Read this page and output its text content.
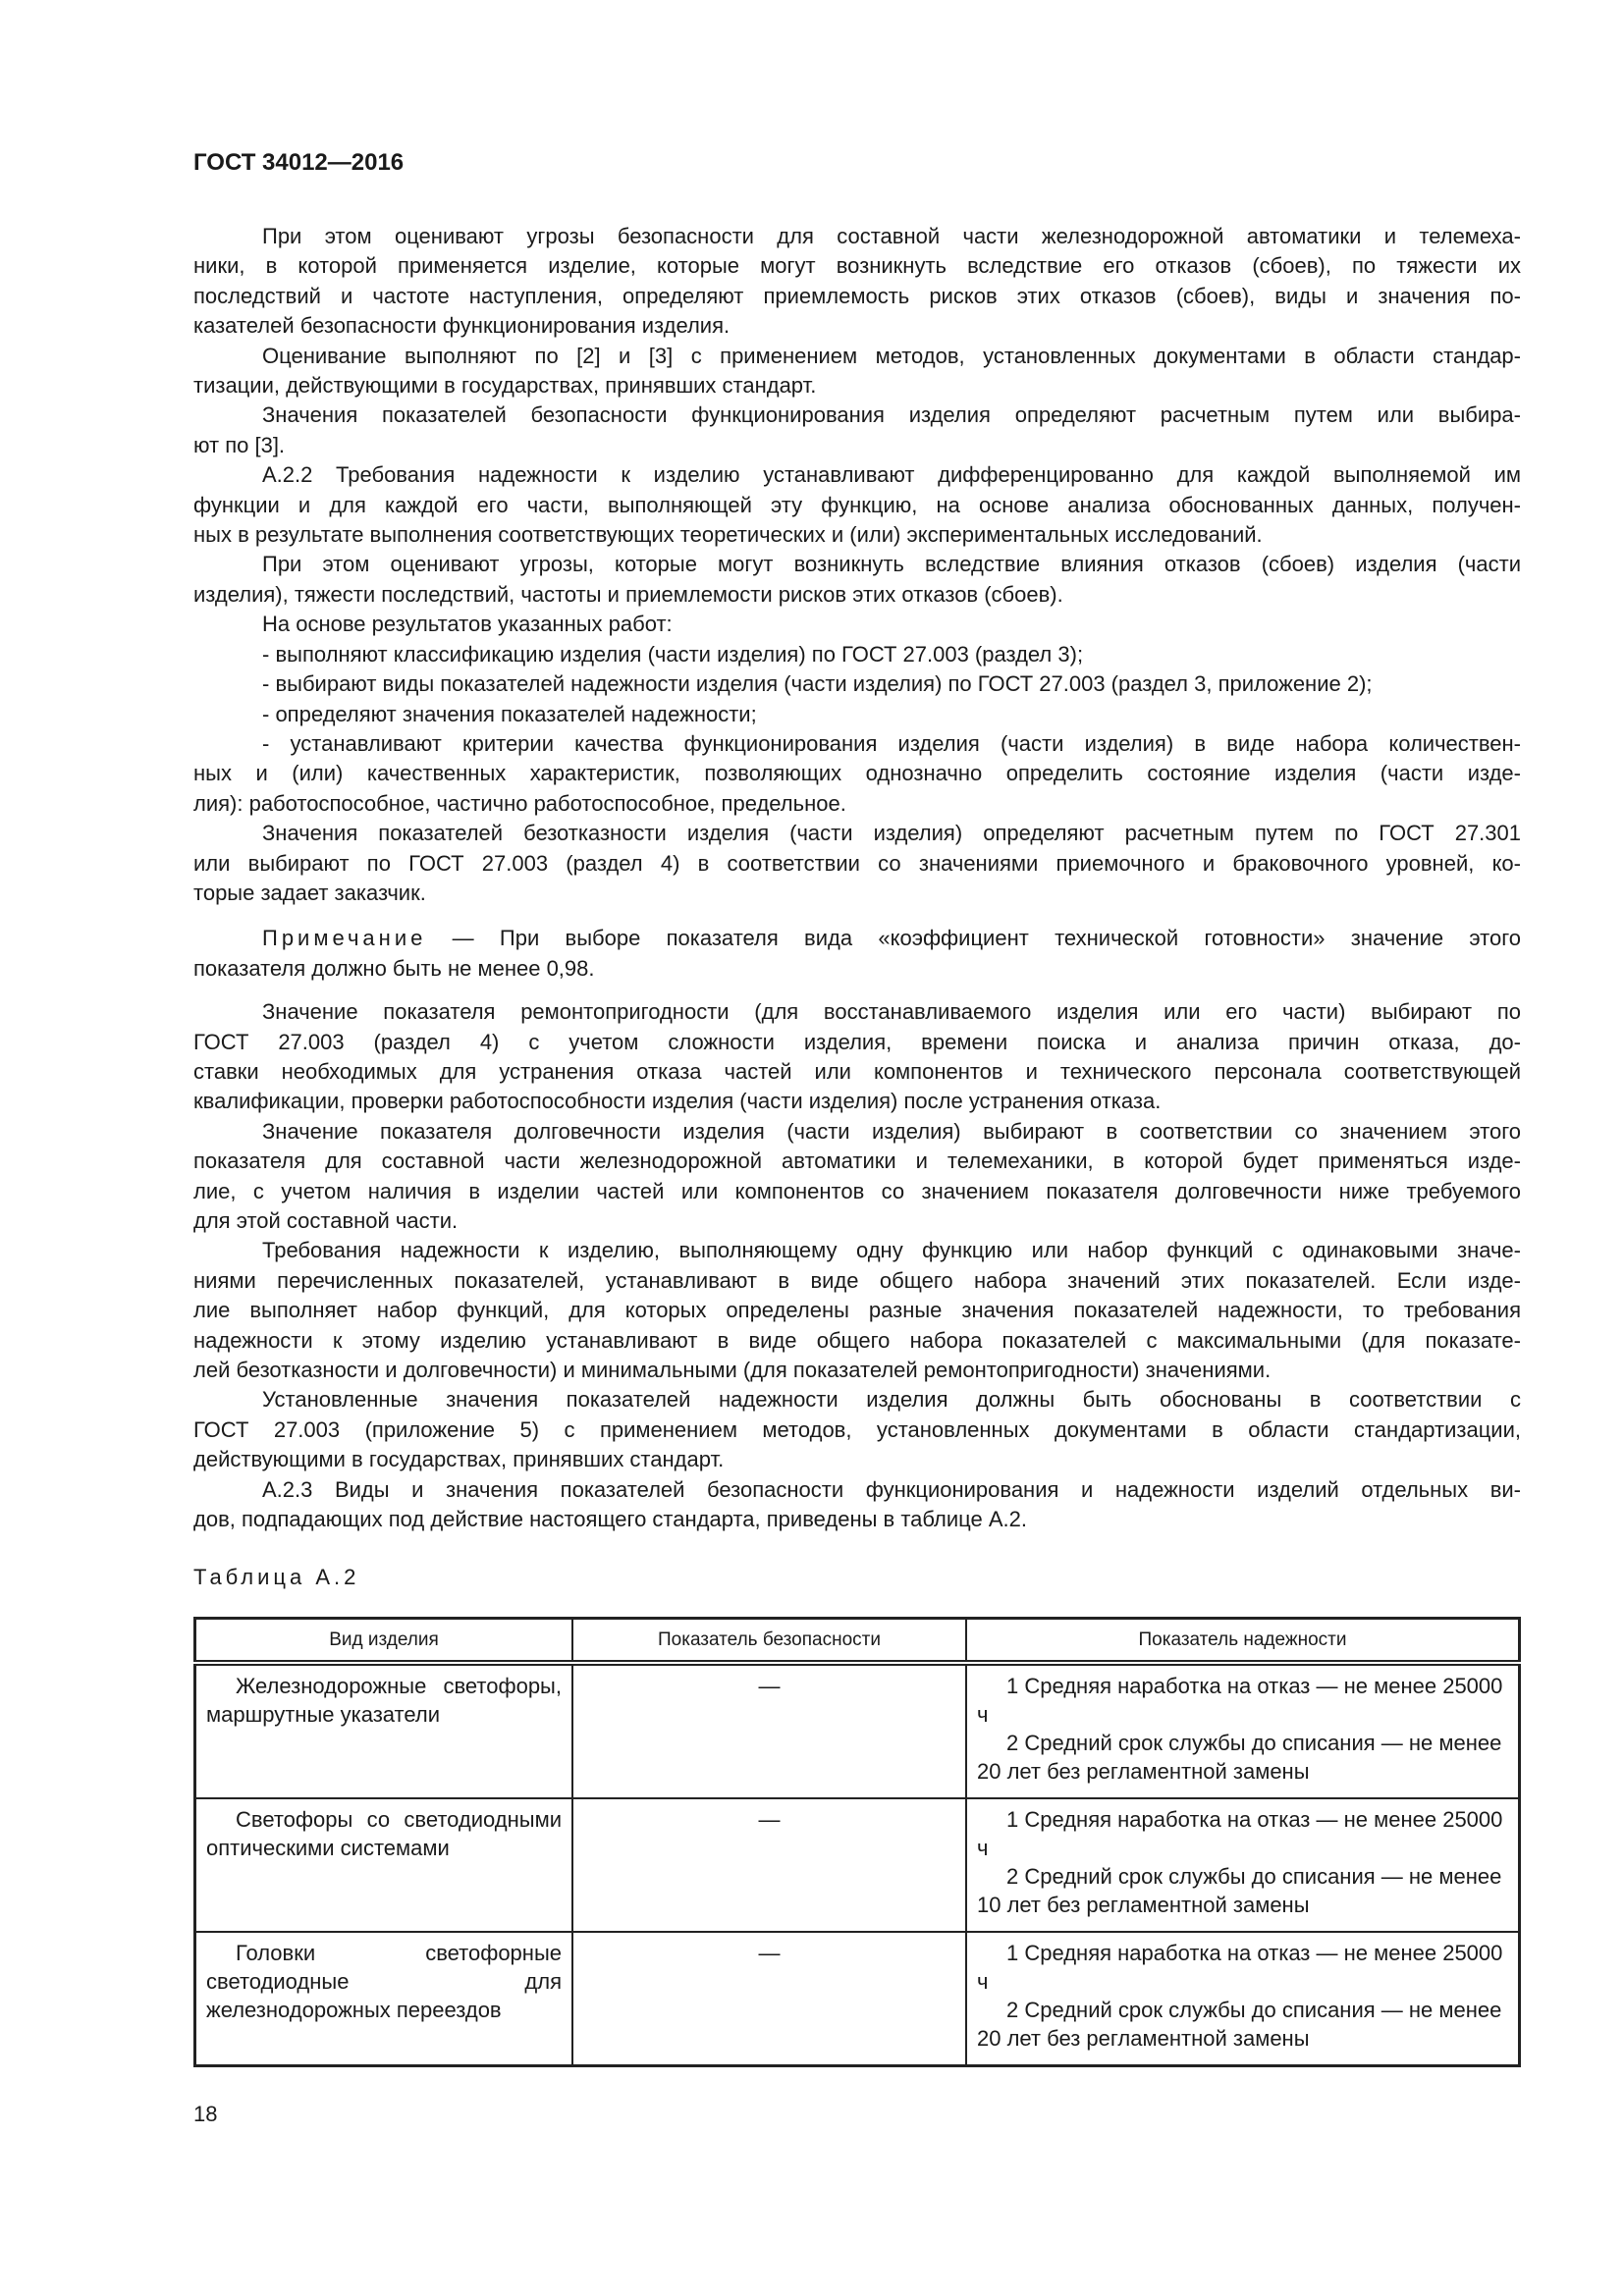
ГОСТ 34012—2016
При этом оценивают угрозы безопасности для составной части железнодорожной автоматики и телемеха-
ники, в которой применяется изделие, которые могут возникнуть вследствие его отказов (сбоев), по тяжести их
последствий и частоте наступления, определяют приемлемость рисков этих отказов (сбоев), виды и значения по-
казателей безопасности функционирования изделия.
Оценивание выполняют по [2] и [3] с применением методов, установленных документами в области стандар-
тизации, действующими в государствах, принявших стандарт.
Значения показателей безопасности функционирования изделия определяют расчетным путем или выбира-
ют по [3].
А.2.2 Требования надежности к изделию устанавливают дифференцированно для каждой выполняемой им
функции и для каждой его части, выполняющей эту функцию, на основе анализа обоснованных данных, получен-
ных в результате выполнения соответствующих теоретических и (или) экспериментальных исследований.
При этом оценивают угрозы, которые могут возникнуть вследствие влияния отказов (сбоев) изделия (части
изделия), тяжести последствий, частоты и приемлемости рисков этих отказов (сбоев).
На основе результатов указанных работ:
- выполняют классификацию изделия (части изделия) по ГОСТ 27.003 (раздел 3);
- выбирают виды показателей надежности изделия (части изделия) по ГОСТ 27.003 (раздел 3, приложение 2);
- определяют значения показателей надежности;
- устанавливают критерии качества функционирования изделия (части изделия) в виде набора количествен-
ных и (или) качественных характеристик, позволяющих однозначно определить состояние изделия (части изде-
лия): работоспособное, частично работоспособное, предельное.
Значения показателей безотказности изделия (части изделия) определяют расчетным путем по ГОСТ 27.301
или выбирают по ГОСТ 27.003 (раздел 4) в соответствии со значениями приемочного и браковочного уровней, ко-
торые задает заказчик.
Примечание — При выборе показателя вида «коэффициент технической готовности» значение этого
показателя должно быть не менее 0,98.
Значение показателя ремонтопригодности (для восстанавливаемого изделия или его части) выбирают по
ГОСТ 27.003 (раздел 4) с учетом сложности изделия, времени поиска и анализа причин отказа, до-
ставки необходимых для устранения отказа частей или компонентов и технического персонала соответствующей
квалификации, проверки работоспособности изделия (части изделия) после устранения отказа.
Значение показателя долговечности изделия (части изделия) выбирают в соответствии со значением этого
показателя для составной части железнодорожной автоматики и телемеханики, в которой будет применяться изде-
лие, с учетом наличия в изделии частей или компонентов со значением показателя долговечности ниже требуемого
для этой составной части.
Требования надежности к изделию, выполняющему одну функцию или набор функций с одинаковыми значе-
ниями перечисленных показателей, устанавливают в виде общего набора значений этих показателей. Если изде-
лие выполняет набор функций, для которых определены разные значения показателей надежности, то требования
надежности к этому изделию устанавливают в виде общего набора показателей с максимальными (для показате-
лей безотказности и долговечности) и минимальными (для показателей ремонтопригодности) значениями.
Установленные значения показателей надежности изделия должны быть обоснованы в соответствии с
ГОСТ 27.003 (приложение 5) с применением методов, установленных документами в области стандартизации,
действующими в государствах, принявших стандарт.
А.2.3 Виды и значения показателей безопасности функционирования и надежности изделий отдельных ви-
дов, подпадающих под действие настоящего стандарта, приведены в таблице А.2.
Таблица А.2
Вид изделия	Показатель безопасности	Показатель надежности

Железнодорожные светофоры, маршрутные указатели	—	1 Средняя наработка на отказ — не менее 25000 ч
2 Средний срок службы до списания — не менее 20 лет без регламентной замены

Светофоры со светодиодными оптическими системами	—	1 Средняя наработка на отказ — не менее 25000 ч
2 Средний срок службы до списания — не менее 10 лет без регламентной замены

Головки светофорные светодиодные для железнодорожных переездов	—	1 Средняя наработка на отказ — не менее 25000 ч
2 Средний срок службы до списания — не менее 20 лет без регламентной замены
18
